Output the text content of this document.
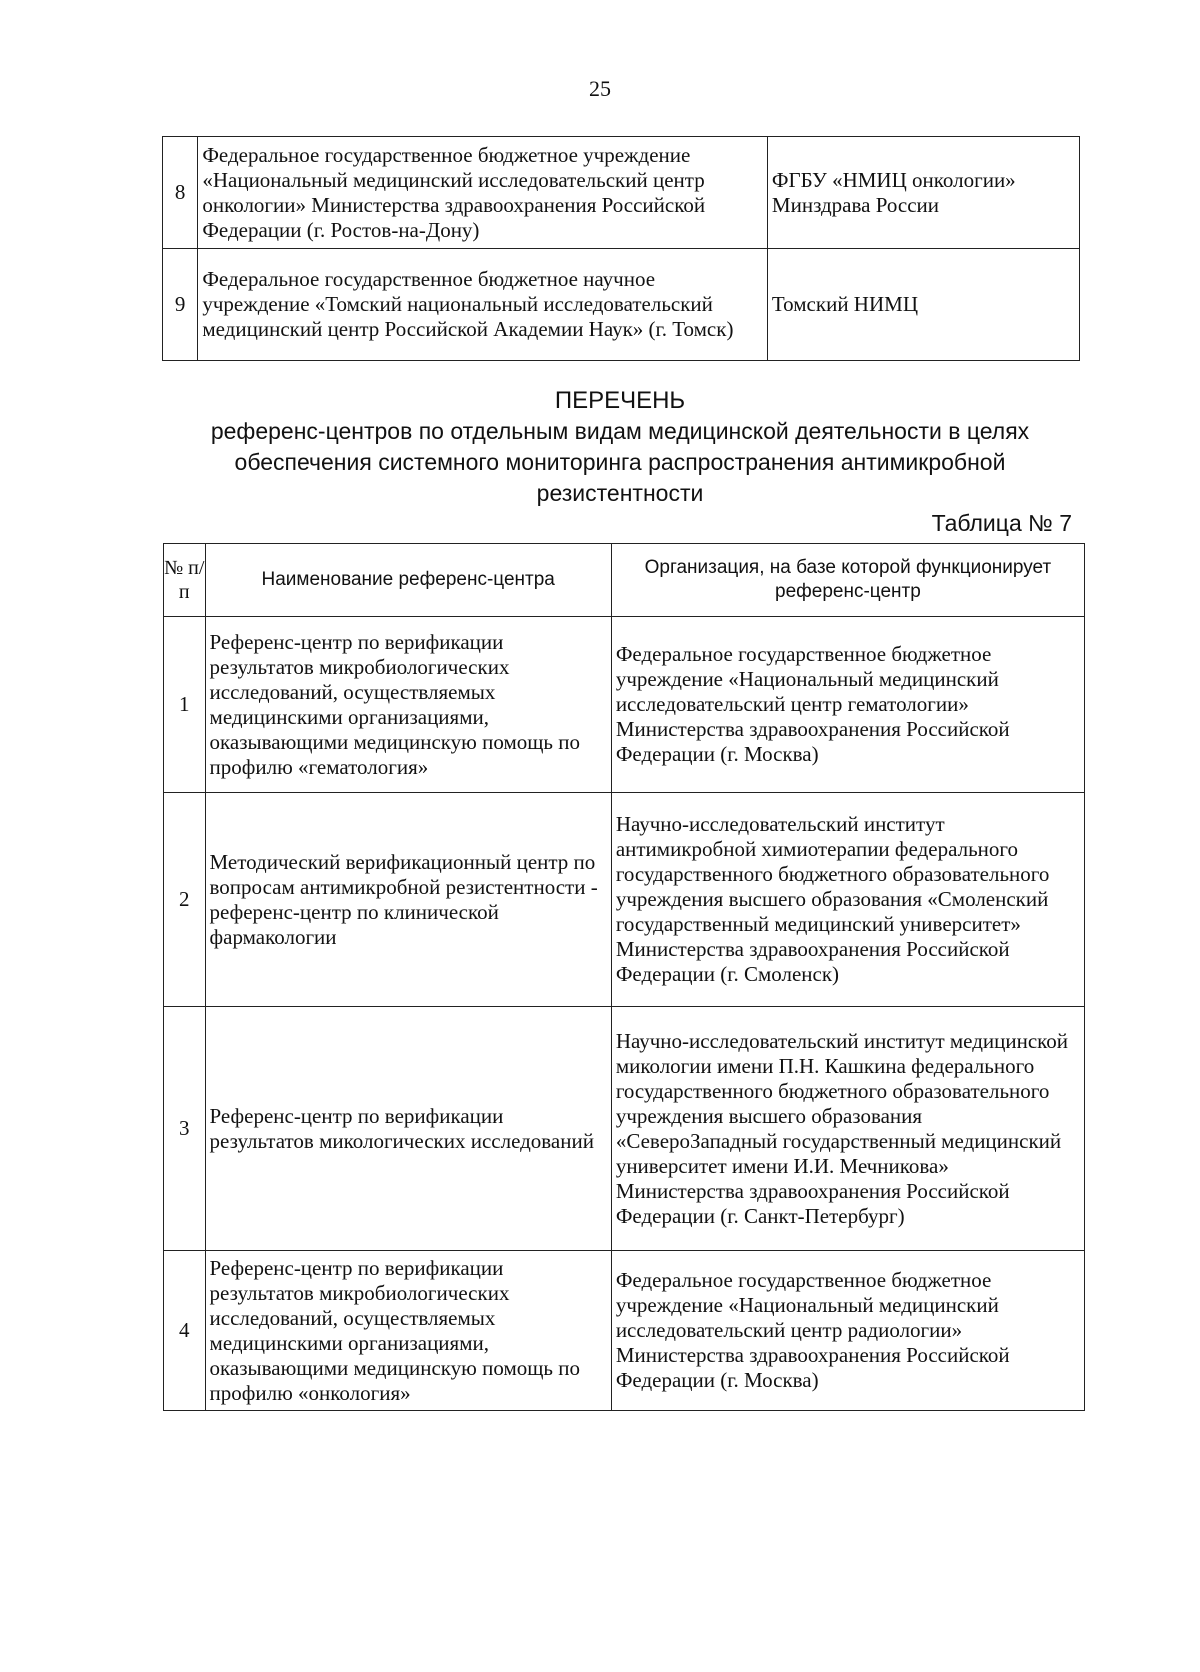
25
8	Федеральное государственное бюджетное учреждение «Национальный медицинский исследовательский центр онкологии» Министерства здравоохранения Российской Федерации (г. Ростов-на-Дону)	ФГБУ «НМИЦ онкологии» Минздрава России
9	Федеральное государственное бюджетное научное учреждение «Томский национальный исследовательский медицинский центр Российской Академии Наук» (г. Томск)	Томский НИМЦ
ПЕРЕЧЕНЬ
референс-центров по отдельным видам медицинской деятельности в целях обеспечения системного мониторинга распространения антимикробной резистентности
Таблица № 7
№ п/п	Наименование референс-центра	Организация, на базе которой функционирует референс-центр
1	Референс-центр по верификации результатов микробиологических исследований, осуществляемых медицинскими организациями, оказывающими медицинскую помощь по профилю «гематология»	Федеральное государственное бюджетное учреждение «Национальный медицинский исследовательский центр гематологии» Министерства здравоохранения Российской Федерации (г. Москва)
2	Методический верификационный центр по вопросам антимикробной резистентности - референс-центр по клинической фармакологии	Научно-исследовательский институт антимикробной химиотерапии федерального государственного бюджетного образовательного учреждения высшего образования «Смоленский государственный медицинский университет» Министерства здравоохранения Российской Федерации (г. Смоленск)
3	Референс-центр по верификации результатов микологических исследований	Научно-исследовательский институт медицинской микологии имени П.Н. Кашкина федерального государственного бюджетного образовательного учреждения высшего образования «СевероЗападный государственный медицинский университет имени И.И. Мечникова» Министерства здравоохранения Российской Федерации (г. Санкт-Петербург)
4	Референс-центр по верификации результатов микробиологических исследований, осуществляемых медицинскими организациями, оказывающими медицинскую помощь по профилю «онкология»	Федеральное государственное бюджетное учреждение «Национальный медицинский исследовательский центр радиологии» Министерства здравоохранения Российской Федерации (г. Москва)
